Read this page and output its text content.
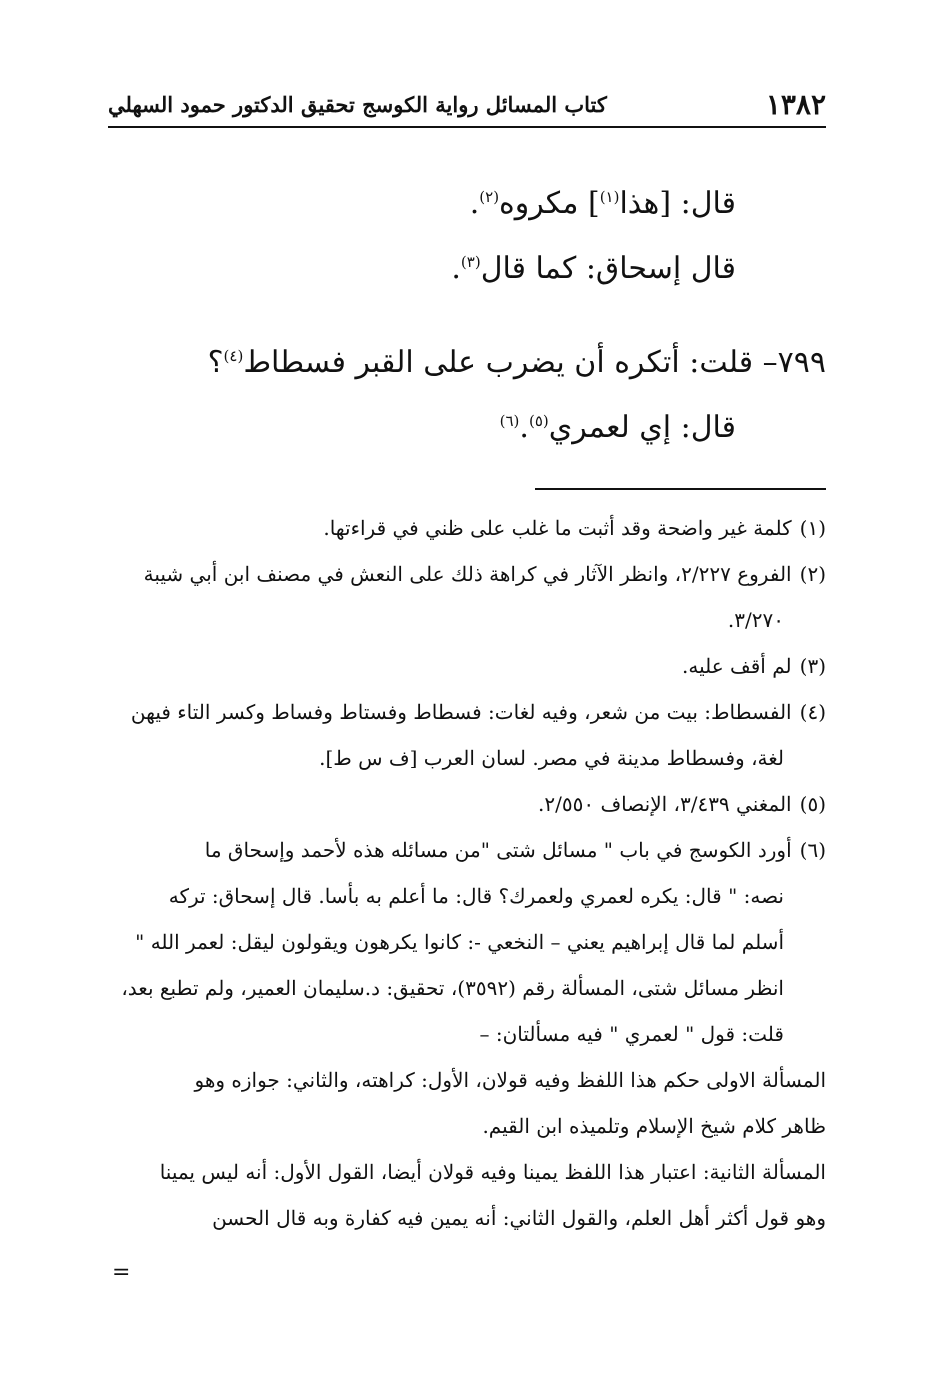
١٣٨٢
كتاب المسائل رواية الكوسج تحقيق الدكتور حمود السهلي
قال: [هذا$^{(١)}$] مكروه$^{(٢)}$.
قال إسحاق: كما قال$^{(٣)}$.
٧٩٩– قلت: أتكره أن يضرب على القبر فسطاط$^{(٤)}$؟
قال: إي لعمري$^{(٥)}$.$^{(٦)}$
(١)
كلمة غير واضحة وقد أثبت ما غلب على ظني في قراءتها.
(٢)
الفروع ٢/٢٢٧، وانظر الآثار في كراهة ذلك على النعش في مصنف ابن أبي شيبة
٣/٢٧٠.
(٣)
لم أقف عليه.
(٤)
الفسطاط: بيت من شعر، وفيه لغات: فسطاط وفستاط وفساط وكسر التاء فيهن
لغة، وفسطاط مدينة في مصر. لسان العرب [ف س ط].
(٥)
المغني ٣/٤٣٩، الإنصاف ٢/٥٥٠.
(٦)
أورد الكوسج في باب " مسائل شتى "من مسائله هذه لأحمد وإسحاق ما
نصه: " قال: يكره لعمري ولعمرك؟ قال: ما أعلم به بأسا. قال إسحاق: تركه
أسلم لما قال إبراهيم يعني – النخعي -: كانوا يكرهون ويقولون ليقل: لعمر الله "
انظر مسائل شتى، المسألة رقم (٣٥٩٢)، تحقيق: د.سليمان العمير، ولم تطبع بعد،
قلت: قول " لعمري " فيه مسألتان: –
المسألة الاولى حكم هذا اللفظ وفيه قولان، الأول: كراهته، والثاني: جوازه وهو
ظاهر كلام شيخ الإسلام وتلميذه ابن القيم.
المسألة الثانية: اعتبار هذا اللفظ يمينا وفيه قولان أيضا، القول الأول: أنه ليس يمينا
وهو قول أكثر أهل العلم، والقول الثاني: أنه يمين فيه كفارة وبه قال الحسن
=
